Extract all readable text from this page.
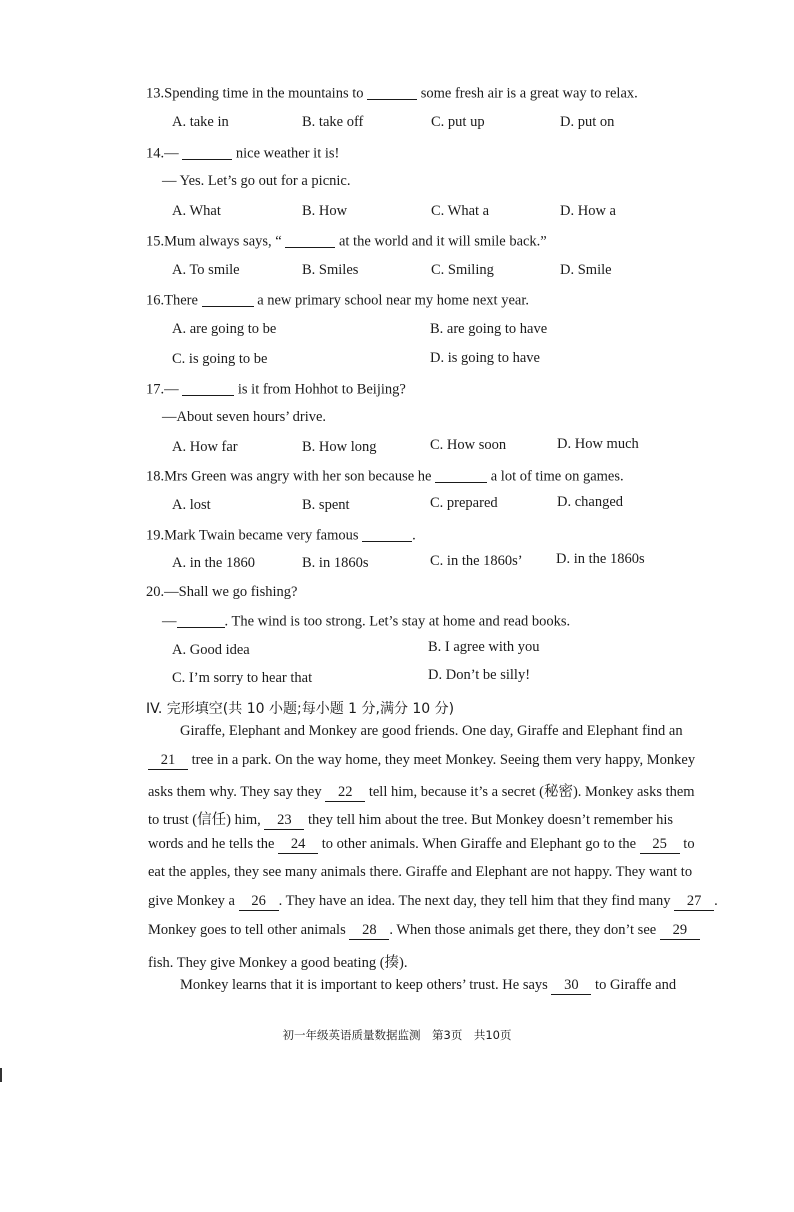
13.Spending time in the mountains to	some fresh air is a great way to relax.
A. take in	B. take off	C. put up	D. put on
14.—	nice weather it is!
— Yes. Let’s go out for a picnic.
A. What	B. How	C. What a	D. How a
15.Mum always says, “	at the world and it will smile back.”
A. To smile	B. Smiles	C. Smiling	D. Smile
16.There	a new primary school near my home next year.
A. are going to be	B. are going to have
C. is going to be	D. is going to have
17.—	is it from Hohhot to Beijing?
—About seven hours’ drive.
A. How far	B. How long	C. How soon	D. How much
18.Mrs Green was angry with her son because he	a lot of time on games.
A. lost	B. spent	C. prepared	D. changed
19.Mark Twain became very famous	.
A. in the 1860	B. in 1860s	C. in the 1860s’ D. in the 1860s
20.—Shall we go fishing?
—	. The wind is too strong. Let’s stay at home and read books.
A. Good idea	B. I agree with you
C. I’m sorry to hear that	D. Don’t be silly!
IV. 完形填空(共 10 小题;每小题 1 分,满分 10 分)
Giraffe, Elephant and Monkey are good friends. One day, Giraffe and Elephant find an
21 tree in a park. On the way home, they meet Monkey. Seeing them very happy, Monkey
asks them why. They say they 22 tell him, because it’s a secret (秘密). Monkey asks them
to trust (信任) him, 23 they tell him about the tree. But Monkey doesn’t remember his
words and he tells the 24 to other animals. When Giraffe and Elephant go to the 25 to
eat the apples, they see many animals there. Giraffe and Elephant are not happy. They want to
give Monkey a 26 . They have an idea. The next day, they tell him that they find many 27 .
Monkey goes to tell other animals 28 . When those animals get there, they don’t see 29
fish. They give Monkey a good beating (揍).
Monkey learns that it is important to keep others’ trust. He says 30 to Giraffe and
初一年级英语质量数据监测　第3页　共10页
